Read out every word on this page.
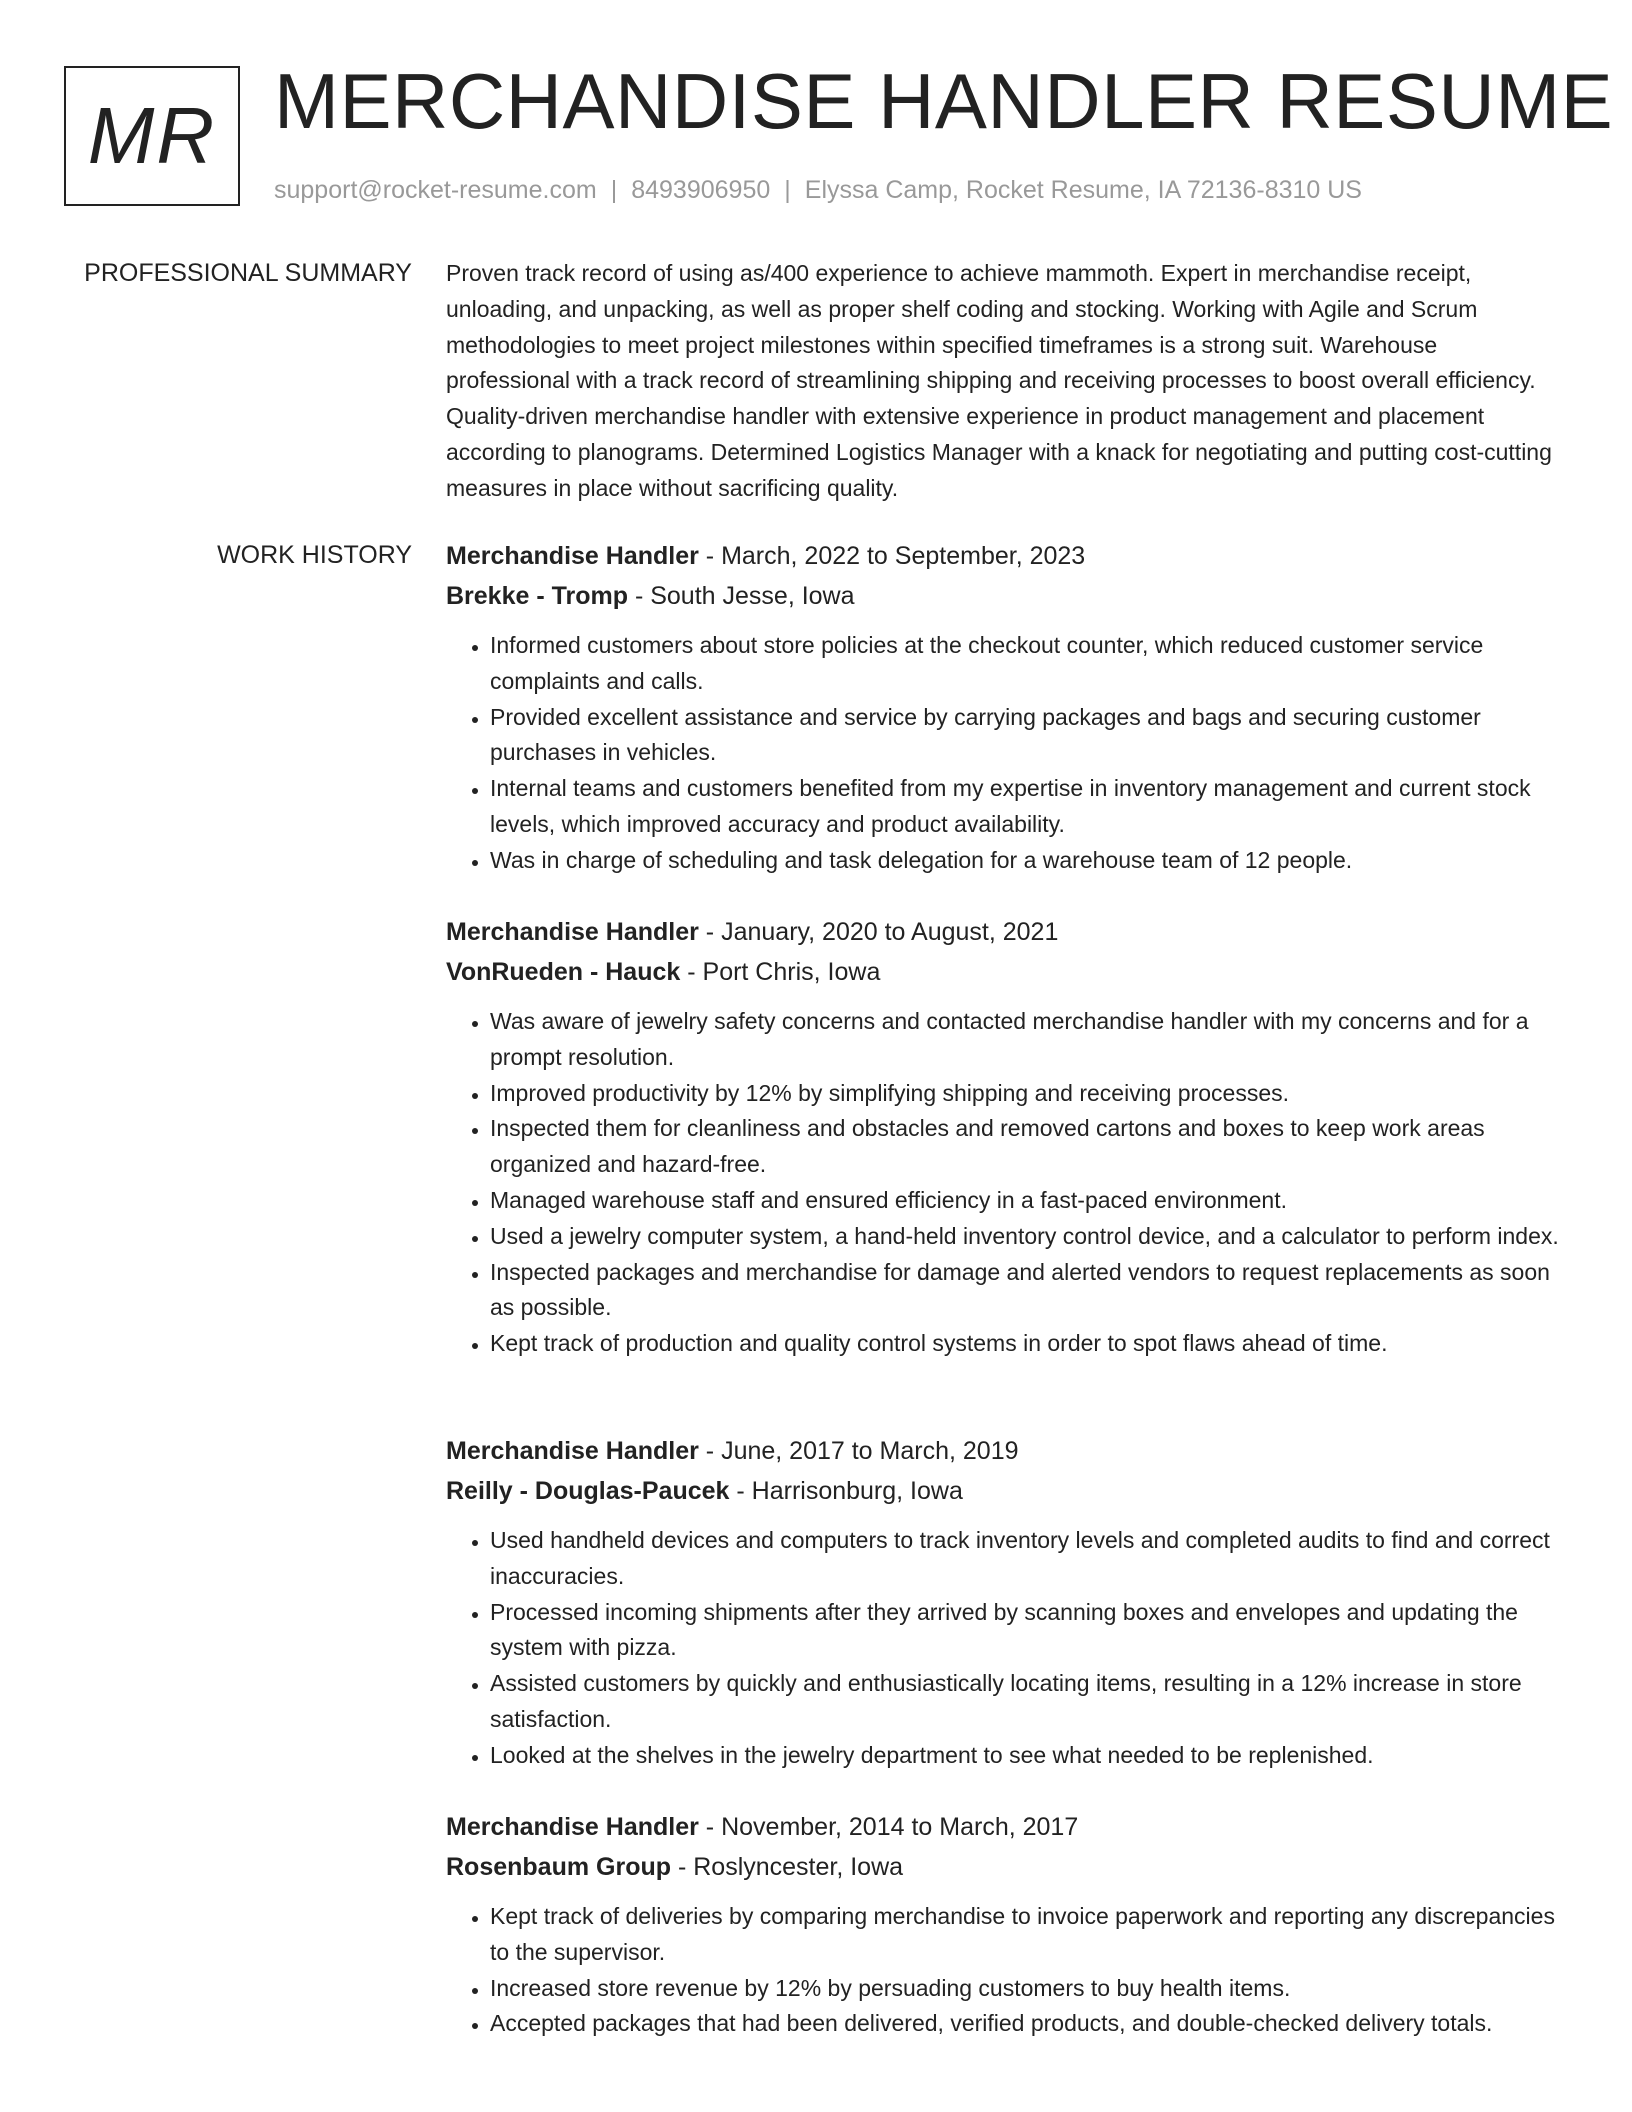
MR MERCHANDISE HANDLER RESUME
support@rocket-resume.com | 8493906950 | Elyssa Camp, Rocket Resume, IA 72136-8310 US
PROFESSIONAL SUMMARY Proven track record of using as/400 experience to achieve mammoth. Expert in merchandise receipt, unloading, and unpacking, as well as proper shelf coding and stocking. Working with Agile and Scrum methodologies to meet project milestones within specified timeframes is a strong suit. Warehouse professional with a track record of streamlining shipping and receiving processes to boost overall efficiency. Quality-driven merchandise handler with extensive experience in product management and placement according to planograms. Determined Logistics Manager with a knack for negotiating and putting cost-cutting measures in place without sacrificing quality.

WORK HISTORY Merchandise Handler - March, 2022 to September, 2023
Brekke - Tromp - South Jesse, Iowa
• Informed customers about store policies at the checkout counter, which reduced customer service complaints and calls.
• Provided excellent assistance and service by carrying packages and bags and securing customer purchases in vehicles.
• Internal teams and customers benefited from my expertise in inventory management and current stock levels, which improved accuracy and product availability.
• Was in charge of scheduling and task delegation for a warehouse team of 12 people.
Merchandise Handler - January, 2020 to August, 2021
VonRueden - Hauck - Port Chris, Iowa
• Was aware of jewelry safety concerns and contacted merchandise handler with my concerns and for a prompt resolution.
• Improved productivity by 12% by simplifying shipping and receiving processes.
• Inspected them for cleanliness and obstacles and removed cartons and boxes to keep work areas organized and hazard-free.
• Managed warehouse staff and ensured efficiency in a fast-paced environment.
• Used a jewelry computer system, a hand-held inventory control device, and a calculator to perform index.
• Inspected packages and merchandise for damage and alerted vendors to request replacements as soon as possible.
• Kept track of production and quality control systems in order to spot flaws ahead of time.
Merchandise Handler - June, 2017 to March, 2019
Reilly - Douglas-Paucek - Harrisonburg, Iowa
• Used handheld devices and computers to track inventory levels and completed audits to find and correct inaccuracies.
• Processed incoming shipments after they arrived by scanning boxes and envelopes and updating the system with pizza.
• Assisted customers by quickly and enthusiastically locating items, resulting in a 12% increase in store satisfaction.
• Looked at the shelves in the jewelry department to see what needed to be replenished.
Merchandise Handler - November, 2014 to March, 2017
Rosenbaum Group - Roslyncester, Iowa
• Kept track of deliveries by comparing merchandise to invoice paperwork and reporting any discrepancies to the supervisor.
• Increased store revenue by 12% by persuading customers to buy health items.
• Accepted packages that had been delivered, verified products, and double-checked delivery totals.
